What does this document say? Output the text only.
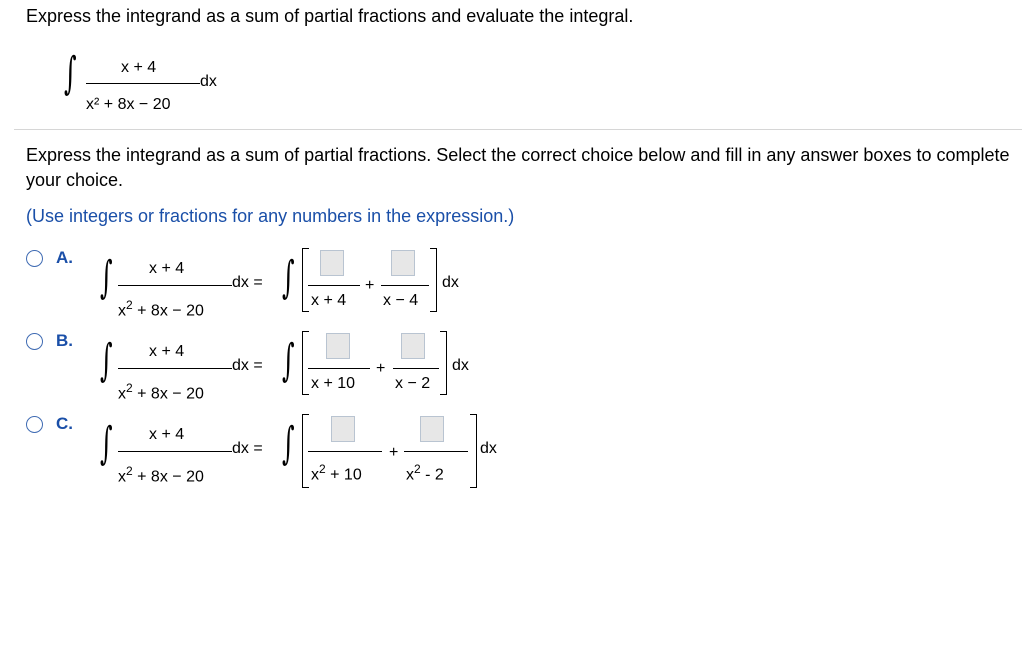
Express the integrand as a sum of partial fractions and evaluate the integral.
∫	x + 4
dx
x² + 8x − 20
Express the integrand as a sum of partial fractions. Select the correct choice below and fill in any answer boxes to complete your choice.
(Use integers or fractions for any numbers in the expression.)
A. ∫ x + 4
dx =
$x^2 + 8x - 20$
∫ x + 4
+
x − 4
dx
B. ∫ x + 4
dx =
$x^2 + 8x - 20$
∫ x + 10
+
x − 2
dx
C. ∫ x + 4
dx =
$x^2 + 8x - 20$
∫
$x^2 + 10$
+
$x^2 - 2$
dx
